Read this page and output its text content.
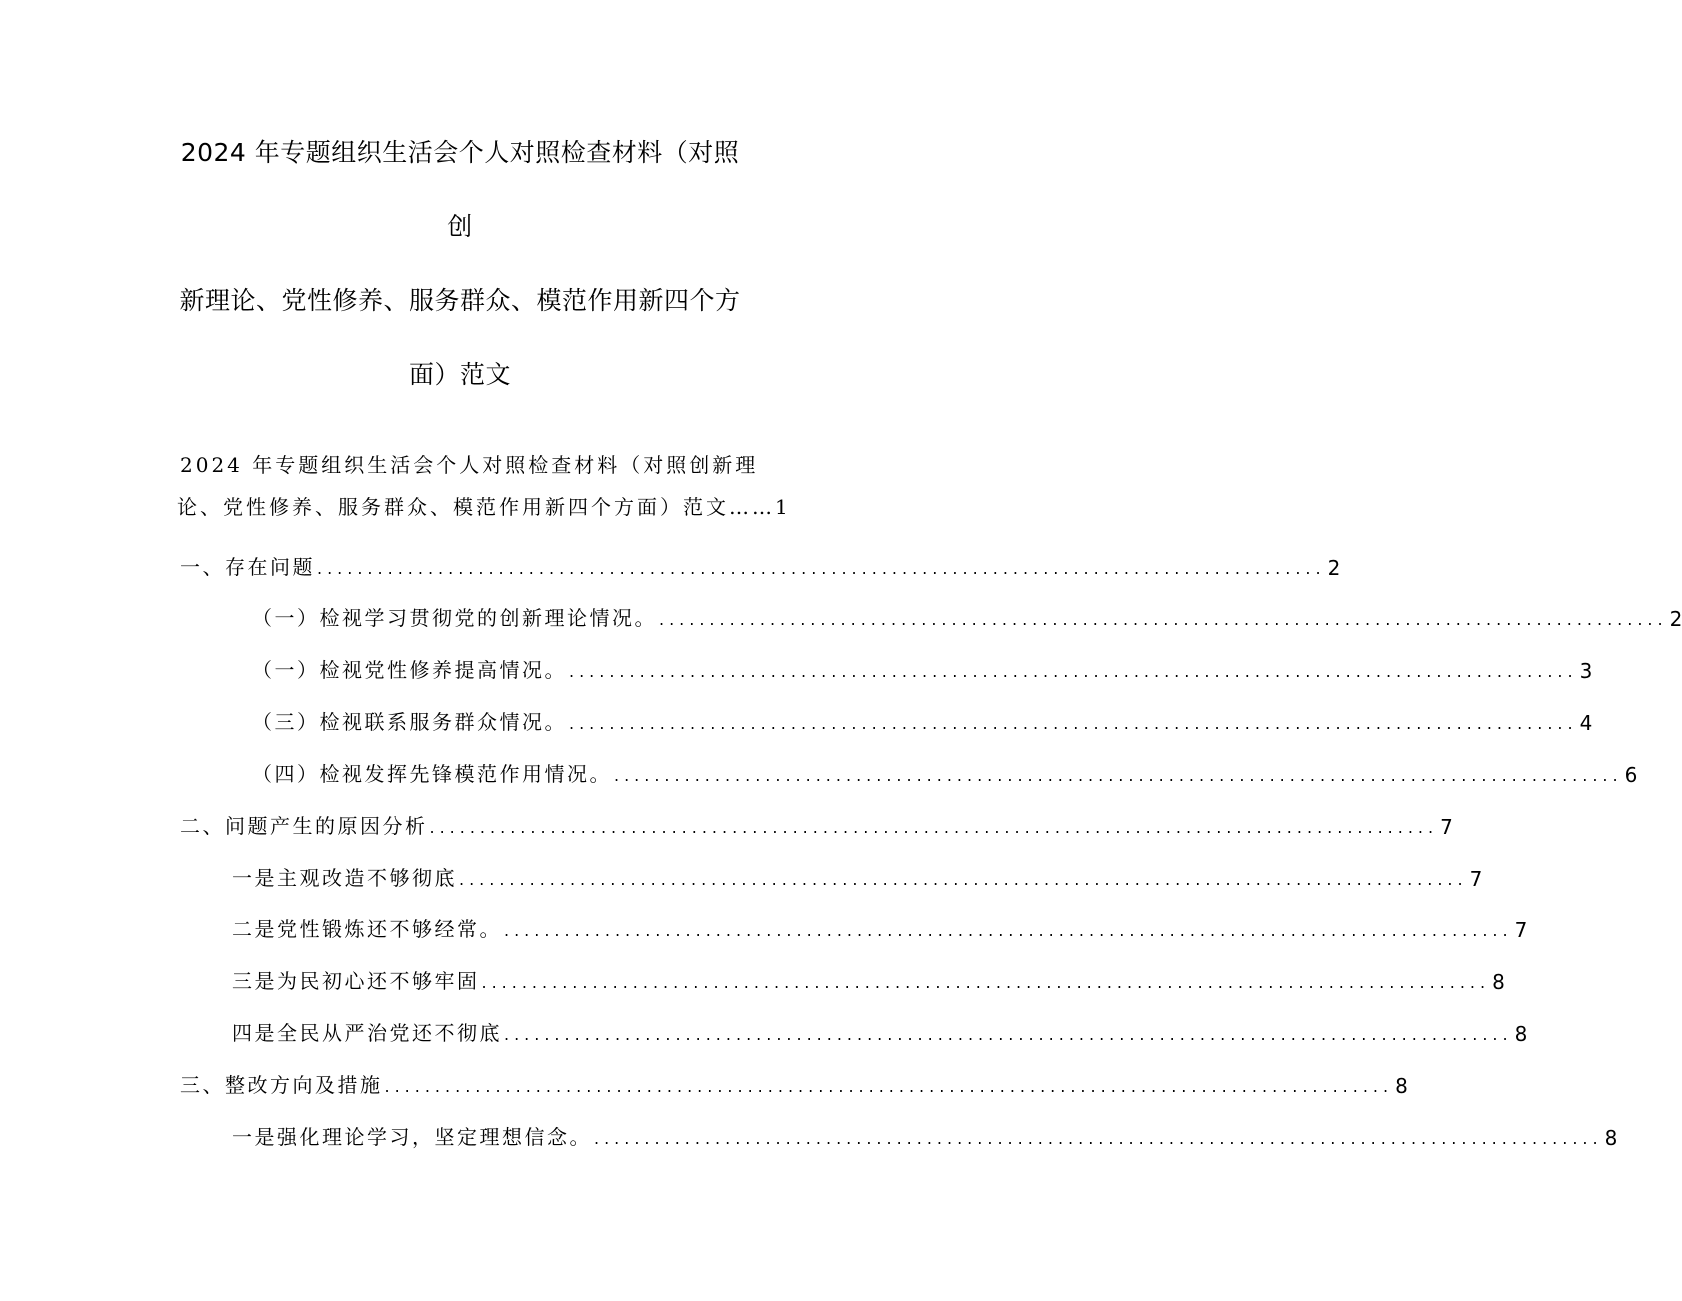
2024 年专题组织生活会个人对照检查材料（对照创
新理论、党性修养、服务群众、模范作用新四个方
面）范文
2024 年专题组织生活会个人对照检查材料（对照创新理
论、党性修养、服务群众、模范作用新四个方面）范文……1
一、存在问题 .................................................................................................... 2
（一）检视学习贯彻党的创新理论情况。 .................................................................................................... 2
（一）检视党性修养提高情况。 .................................................................................................... 3
（三）检视联系服务群众情况。 .................................................................................................... 4
（四）检视发挥先锋模范作用情况。 .................................................................................................... 6
二、问题产生的原因分析 .................................................................................................... 7
一是主观改造不够彻底 .................................................................................................... 7
二是党性锻炼还不够经常。 .................................................................................................... 7
三是为民初心还不够牢固 .................................................................................................... 8
四是全民从严治党还不彻底 .................................................................................................... 8
三、整改方向及措施 .................................................................................................... 8
一是强化理论学习，坚定理想信念。 .................................................................................................... 8
